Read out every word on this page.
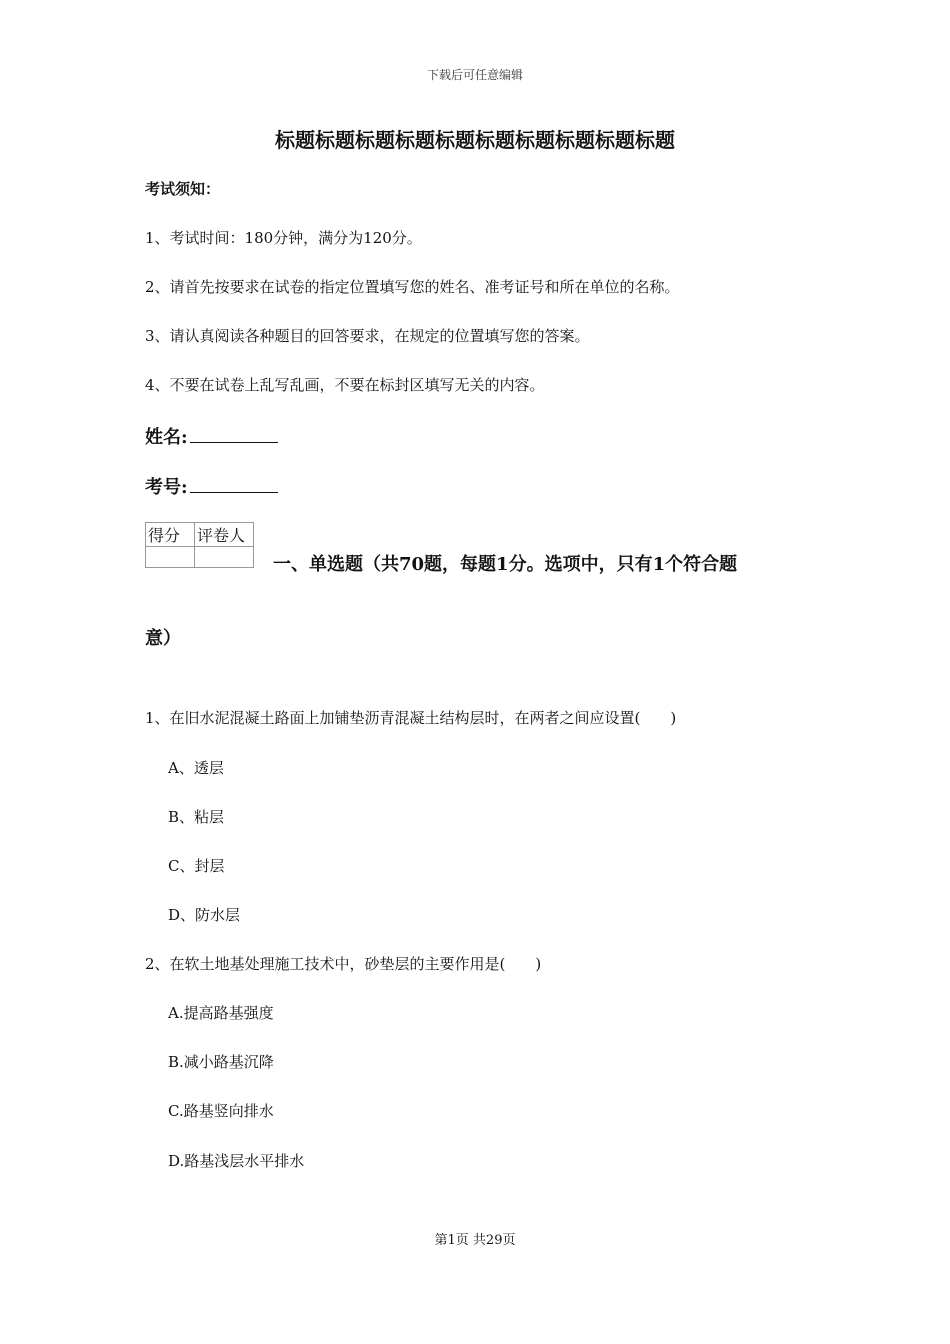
下载后可任意编辑
标题标题标题标题标题标题标题标题标题标题
考试须知：
1、考试时间：180分钟，满分为120分。
2、请首先按要求在试卷的指定位置填写您的姓名、准考证号和所在单位的名称。
3、请认真阅读各种题目的回答要求，在规定的位置填写您的答案。
4、不要在试卷上乱写乱画，不要在标封区填写无关的内容。
姓名:
考号:
得分	评卷人

一、单选题（共70题，每题1分。选项中，只有1个符合题
意）
1、在旧水泥混凝土路面上加铺垫沥青混凝土结构层时，在两者之间应设置(　　)
A、透层
B、粘层
C、封层
D、防水层
2、在软土地基处理施工技术中，砂垫层的主要作用是(　　)
A.提高路基强度
B.减小路基沉降
C.路基竖向排水
D.路基浅层水平排水
第1页 共29页
